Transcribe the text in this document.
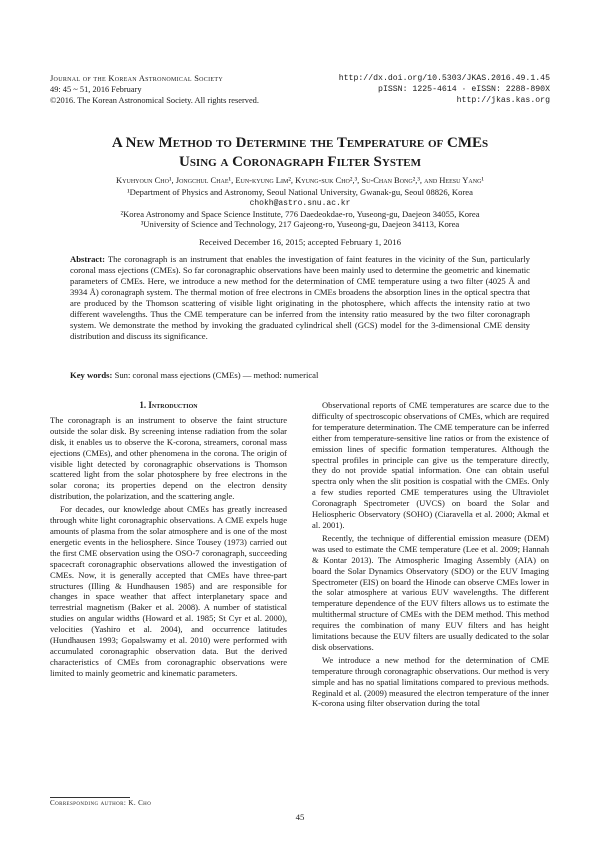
Journal of the Korean Astronomical Society
49: 45 ~ 51, 2016 February
©2016. The Korean Astronomical Society. All rights reserved.
http://dx.doi.org/10.5303/JKAS.2016.49.1.45
pISSN: 1225-4614 · eISSN: 2288-890X
http://jkas.kas.org
A New Method to Determine the Temperature of CMEs
Using a Coronagraph Filter System
Kyuhyoun Cho¹, Jongchul Chae¹, Eun-kyung Lim², Kyung-suk Cho²,³, Su-Chan Bong²,³, and Heesu Yang¹
¹Department of Physics and Astronomy, Seoul National University, Gwanak-gu, Seoul 08826, Korea
chokh@astro.snu.ac.kr
²Korea Astronomy and Space Science Institute, 776 Daedeokdae-ro, Yuseong-gu, Daejeon 34055, Korea
³University of Science and Technology, 217 Gajeong-ro, Yuseong-gu, Daejeon 34113, Korea
Received December 16, 2015; accepted February 1, 2016
Abstract: The coronagraph is an instrument that enables the investigation of faint features in the vicinity of the Sun, particularly coronal mass ejections (CMEs). So far coronagraphic observations have been mainly used to determine the geometric and kinematic parameters of CMEs. Here, we introduce a new method for the determination of CME temperature using a two filter (4025 Å and 3934 Å) coronagraph system. The thermal motion of free electrons in CMEs broadens the absorption lines in the optical spectra that are produced by the Thomson scattering of visible light originating in the photosphere, which affects the intensity ratio at two different wavelengths. Thus the CME temperature can be inferred from the intensity ratio measured by the two filter coronagraph system. We demonstrate the method by invoking the graduated cylindrical shell (GCS) model for the 3-dimensional CME density distribution and discuss its significance.
Key words: Sun: coronal mass ejections (CMEs) — method: numerical
1. Introduction

The coronagraph is an instrument to observe the faint structure outside the solar disk. By screening intense radiation from the solar disk, it enables us to observe the K-corona, streamers, coronal mass ejections (CMEs), and other phenomena in the corona. The origin of visible light detected by coronagraphic observations is Thomson scattered light from the solar photosphere by free electrons in the solar corona; its properties depend on the electron density distribution, the polarization, and the scattering angle.

For decades, our knowledge about CMEs has greatly increased through white light coronagraphic observations. A CME expels huge amounts of plasma from the solar atmosphere and is one of the most energetic events in the heliosphere. Since Tousey (1973) carried out the first CME observation using the OSO-7 coronagraph, succeeding spacecraft coronagraphic observations allowed the investigation of CMEs. Now, it is generally accepted that CMEs have three-part structures (Illing & Hundhausen 1985) and are responsible for changes in space weather that affect interplanetary space and terrestrial magnetism (Baker et al. 2008). A number of statistical studies on angular widths (Howard et al. 1985; St Cyr et al. 2000), velocities (Yashiro et al. 2004), and occurrence latitudes (Hundhausen 1993; Gopalswamy et al. 2010) were performed with accumulated coronagraphic observation data. But the derived characteristics of CMEs from coronagraphic observations were limited to mainly geometric and kinematic parameters.

Observational reports of CME temperatures are scarce due to the difficulty of spectroscopic observations of CMEs, which are required for temperature determination. The CME temperature can be inferred either from temperature-sensitive line ratios or from the existence of emission lines of specific formation temperatures. Although the spectral profiles in principle can give us the temperature directly, they do not provide spatial information. One can obtain useful spectra only when the slit position is cospatial with the CMEs. Only a few studies reported CME temperatures using the Ultraviolet Coronagraph Spectrometer (UVCS) on board the Solar and Heliospheric Observatory (SOHO) (Ciaravella et al. 2000; Akmal et al. 2001).

Recently, the technique of differential emission measure (DEM) was used to estimate the CME temperature (Lee et al. 2009; Hannah & Kontar 2013). The Atmospheric Imaging Assembly (AIA) on board the Solar Dynamics Observatory (SDO) or the EUV Imaging Spectrometer (EIS) on board the Hinode can observe CMEs lower in the solar atmosphere at various EUV wavelengths. The different temperature dependence of the EUV filters allows us to estimate the multithermal structure of CMEs with the DEM method. This method requires the combination of many EUV filters and has height limitations because the EUV filters are usually dedicated to the solar disk observations.

We introduce a new method for the determination of CME temperature through coronagraphic observations. Our method is very simple and has no spatial limitations compared to previous methods. Reginald et al. (2009) measured the electron temperature of the inner K-corona using filter observation during the total

Corresponding author: K. Cho
45
